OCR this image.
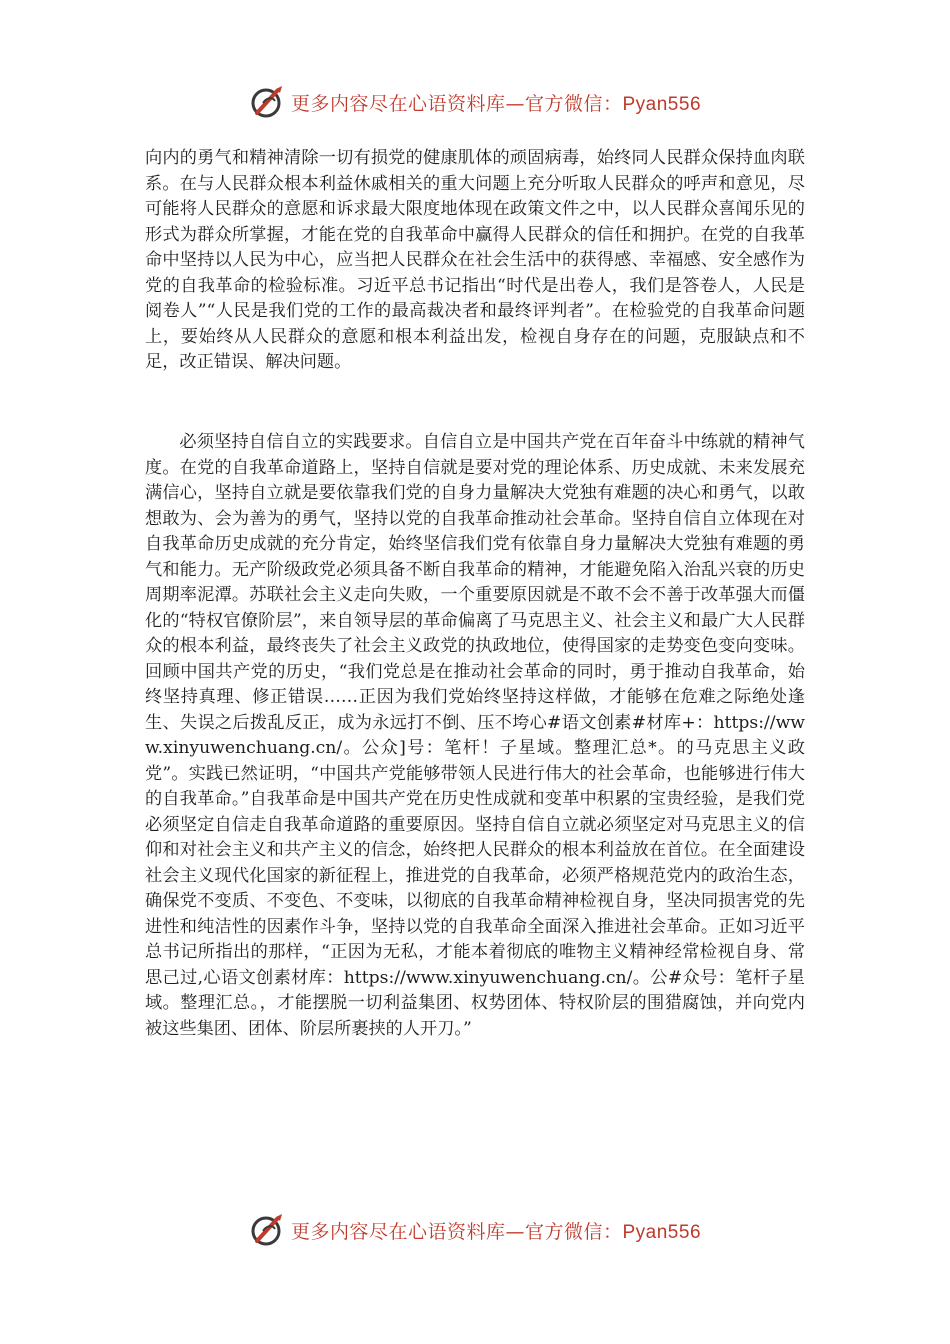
更多内容尽在心语资料库—官方微信：Pyan556

向内的勇气和精神清除一切有损党的健康肌体的顽固病毒，始终同人民群众保持血肉联系。在与人民群众根本利益休戚相关的重大问题上充分听取人民群众的呼声和意见，尽可能将人民群众的意愿和诉求最大限度地体现在政策文件之中，以人民群众喜闻乐见的形式为群众所掌握，才能在党的自我革命中赢得人民群众的信任和拥护。在党的自我革命中坚持以人民为中心，应当把人民群众在社会生活中的获得感、幸福感、安全感作为党的自我革命的检验标准。习近平总书记指出“时代是出卷人，我们是答卷人，人民是阅卷人”“人民是我们党的工作的最高裁决者和最终评判者”。在检验党的自我革命问题上，要始终从人民群众的意愿和根本利益出发，检视自身存在的问题，克服缺点和不足，改正错误、解决问题。

必须坚持自信自立的实践要求。自信自立是中国共产党在百年奋斗中练就的精神气度。在党的自我革命道路上，坚持自信就是要对党的理论体系、历史成就、未来发展充满信心，坚持自立就是要依靠我们党的自身力量解决大党独有难题的决心和勇气，以敢想敢为、会为善为的勇气，坚持以党的自我革命推动社会革命。坚持自信自立体现在对自我革命历史成就的充分肯定，始终坚信我们党有依靠自身力量解决大党独有难题的勇气和能力。无产阶级政党必须具备不断自我革命的精神，才能避免陷入治乱兴衰的历史周期率泥潭。苏联社会主义走向失败，一个重要原因就是不敢不会不善于改革强大而僵化的“特权官僚阶层”，来自领导层的革命偏离了马克思主义、社会主义和最广大人民群众的根本利益，最终丧失了社会主义政党的执政地位，使得国家的走势变色变向变味。回顾中国共产党的历史，“我们党总是在推动社会革命的同时，勇于推动自我革命，始终坚持真理、修正错误……正因为我们党始终坚持这样做，才能够在危难之际绝处逢生、失误之后拨乱反正，成为永远打不倒、压不垮心#语文创素#材库+：https://www.xinyuwenchuang.cn/。公众]号：笔杆！子星域。整理汇总*。的马克思主义政党”。实践已然证明，“中国共产党能够带领人民进行伟大的社会革命，也能够进行伟大的自我革命。”自我革命是中国共产党在历史性成就和变革中积累的宝贵经验，是我们党必须坚定自信走自我革命道路的重要原因。坚持自信自立就必须坚定对马克思主义的信仰和对社会主义和共产主义的信念，始终把人民群众的根本利益放在首位。在全面建设社会主义现代化国家的新征程上，推进党的自我革命，必须严格规范党内的政治生态，确保党不变质、不变色、不变味，以彻底的自我革命精神检视自身，坚决同损害党的先进性和纯洁性的因素作斗争，坚持以党的自我革命全面深入推进社会革命。正如习近平总书记所指出的那样，“正因为无私，才能本着彻底的唯物主义精神经常检视自身、常思己过,心语文创素材库：https://www.xinyuwenchuang.cn/。公#众号：笔杆子星域。整理汇总。，才能摆脱一切利益集团、权势团体、特权阶层的围猎腐蚀，并向党内被这些集团、团体、阶层所裹挟的人开刀。”

更多内容尽在心语资料库—官方微信：Pyan556
